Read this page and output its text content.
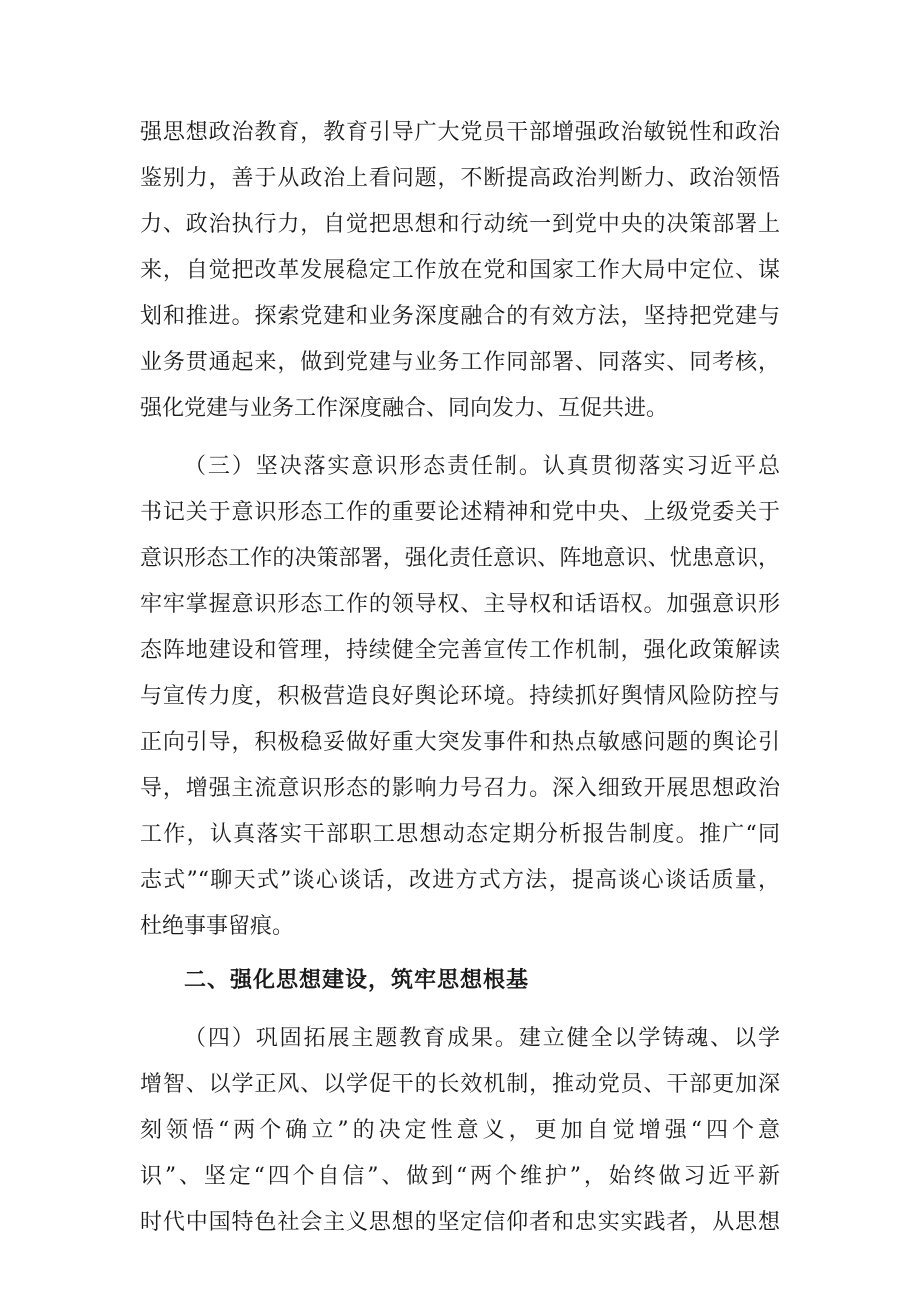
强思想政治教育，教育引导广大党员干部增强政治敏锐性和政治
鉴别力，善于从政治上看问题，不断提高政治判断力、政治领悟
力、政治执行力，自觉把思想和行动统一到党中央的决策部署上
来，自觉把改革发展稳定工作放在党和国家工作大局中定位、谋
划和推进。探索党建和业务深度融合的有效方法，坚持把党建与
业务贯通起来，做到党建与业务工作同部署、同落实、同考核，
强化党建与业务工作深度融合、同向发力、互促共进。
（三）坚决落实意识形态责任制。认真贯彻落实习近平总
书记关于意识形态工作的重要论述精神和党中央、上级党委关于
意识形态工作的决策部署，强化责任意识、阵地意识、忧患意识，
牢牢掌握意识形态工作的领导权、主导权和话语权。加强意识形
态阵地建设和管理，持续健全完善宣传工作机制，强化政策解读
与宣传力度，积极营造良好舆论环境。持续抓好舆情风险防控与
正向引导，积极稳妥做好重大突发事件和热点敏感问题的舆论引
导，增强主流意识形态的影响力号召力。深入细致开展思想政治
工作，认真落实干部职工思想动态定期分析报告制度。推广“同
志式”“聊天式”谈心谈话，改进方式方法，提高谈心谈话质量，
杜绝事事留痕。
二、强化思想建设，筑牢思想根基
（四）巩固拓展主题教育成果。建立健全以学铸魂、以学
增智、以学正风、以学促干的长效机制，推动党员、干部更加深
刻领悟“两个确立”的决定性意义，更加自觉增强“四个意
识”、坚定“四个自信”、做到“两个维护”，始终做习近平新
时代中国特色社会主义思想的坚定信仰者和忠实实践者，从思想
